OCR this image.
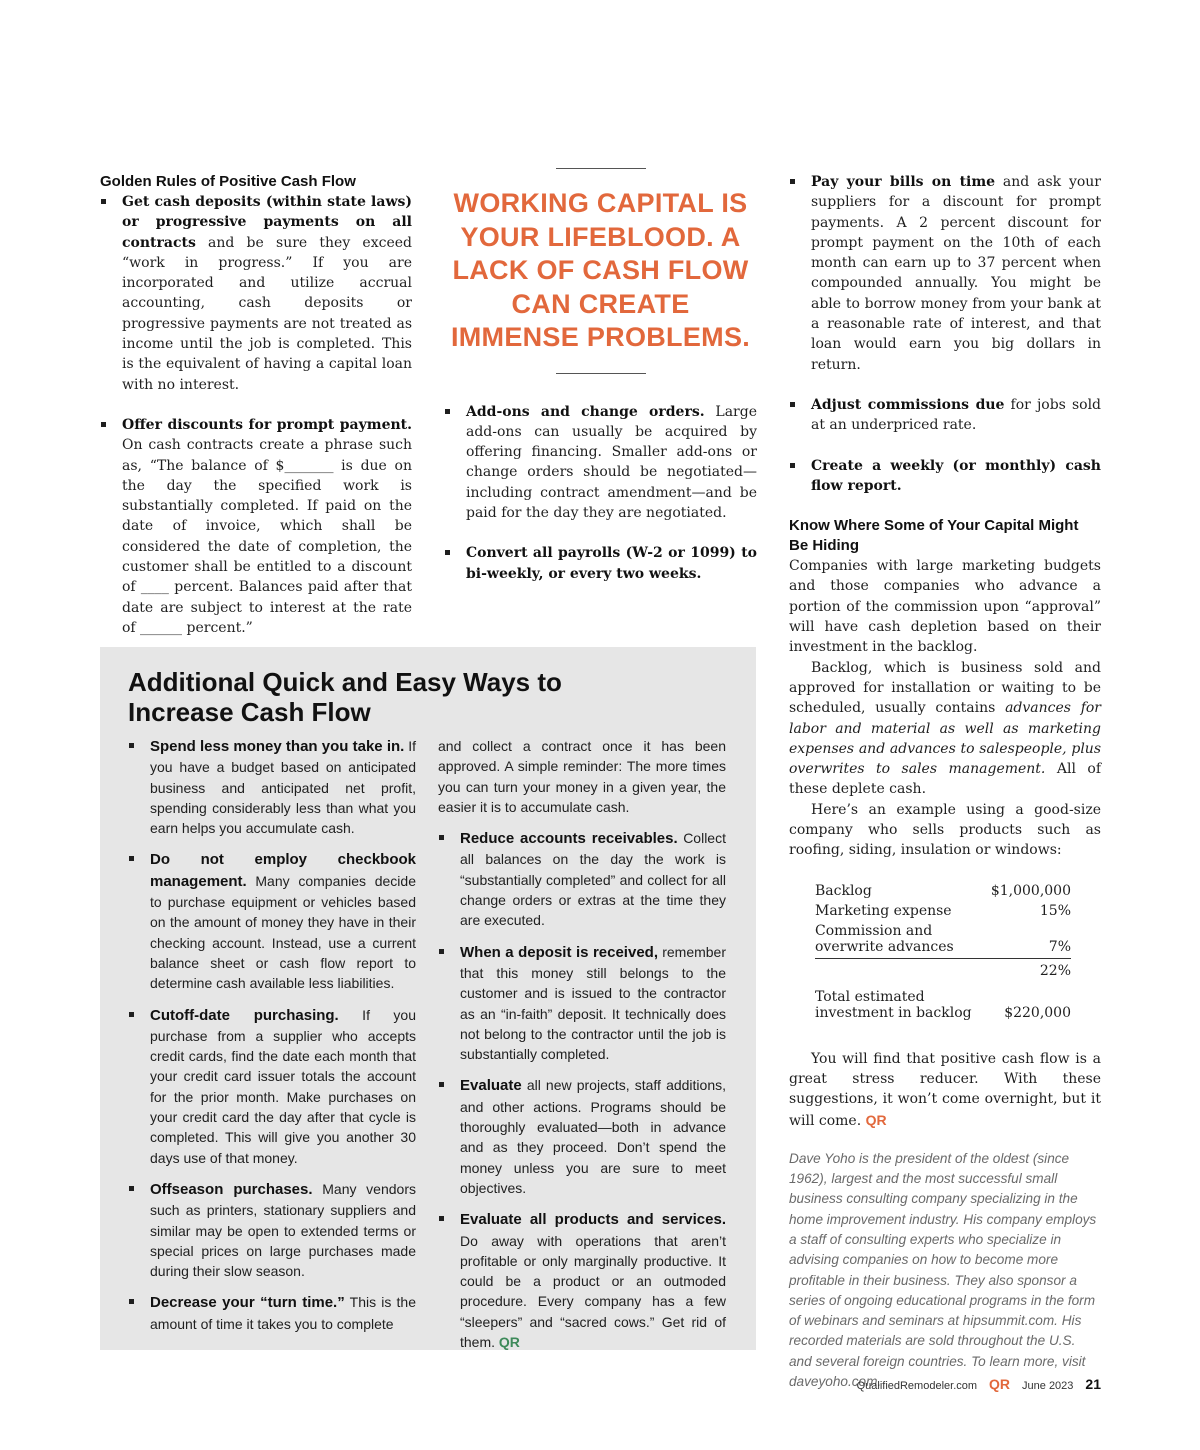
Golden Rules of Positive Cash Flow

Get cash deposits (within state laws) or progressive payments on all contracts and be sure they exceed “work in progress.” If you are incorporated and utilize accrual accounting, cash deposits or progressive payments are not treated as income until the job is completed. This is the equivalent of having a capital loan with no interest.
Offer discounts for prompt payment. On cash contracts create a phrase such as, “The balance of $_______ is due on the day the specified work is substantially completed. If paid on the date of invoice, which shall be considered the date of completion, the customer shall be entitled to a discount of ____ percent. Balances paid after that date are subject to interest at the rate of ______ percent.”
WORKING CAPITAL IS YOUR LIFEBLOOD. A LACK OF CASH FLOW CAN CREATE IMMENSE PROBLEMS.
Add-ons and change orders. Large add-ons can usually be acquired by offering financing. Smaller add-ons or change orders should be negotiated—including contract amendment—and be paid for the day they are negotiated.
Convert all payrolls (W-2 or 1099) to bi-weekly, or every two weeks.
Pay your bills on time and ask your suppliers for a discount for prompt payments. A 2 percent discount for prompt payment on the 10th of each month can earn up to 37 percent when compounded annually. You might be able to borrow money from your bank at a reasonable rate of interest, and that loan would earn you big dollars in return.
Adjust commissions due for jobs sold at an underpriced rate.
Create a weekly (or monthly) cash flow report.

Know Where Some of Your Capital Might Be Hiding

Companies with large marketing budgets and those companies who advance a portion of the commission upon “approval” will have cash depletion based on their investment in the backlog.
Backlog, which is business sold and approved for installation or waiting to be scheduled, usually contains advances for labor and material as well as marketing expenses and advances to salespeople, plus overwrites to sales management. All of these deplete cash.
Here’s an example using a good-size company who sells products such as roofing, siding, insulation or windows:
Backlog	$1,000,000
Marketing expense	15%
Commission and overwrite advances	7%
	22%
Total estimated investment in backlog	$220,000
You will find that positive cash flow is a great stress reducer. With these suggestions, it won’t come overnight, but it will come. QR
Dave Yoho is the president of the oldest (since 1962), largest and the most successful small business consulting company specializing in the home improvement industry. His company employs a staff of consulting experts who specialize in advising companies on how to become more profitable in their business. They also sponsor a series of ongoing educational programs in the form of webinars and seminars at hipsummit.com. His recorded materials are sold throughout the U.S. and several foreign countries. To learn more, visit daveyoho.com.
Additional Quick and Easy Ways to Increase Cash Flow
Spend less money than you take in. If you have a budget based on anticipated business and anticipated net profit, spending considerably less than what you earn helps you accumulate cash.
Do not employ checkbook management. Many companies decide to purchase equipment or vehicles based on the amount of money they have in their checking account. Instead, use a current balance sheet or cash flow report to determine cash available less liabilities.
Cutoff-date purchasing. If you purchase from a supplier who accepts credit cards, find the date each month that your credit card issuer totals the account for the prior month. Make purchases on your credit card the day after that cycle is completed. This will give you another 30 days use of that money.
Offseason purchases. Many vendors such as printers, stationary suppliers and similar may be open to extended terms or special prices on large purchases made during their slow season.
Decrease your “turn time.” This is the amount of time it takes you to complete
and collect a contract once it has been approved. A simple reminder: The more times you can turn your money in a given year, the easier it is to accumulate cash.
Reduce accounts receivables. Collect all balances on the day the work is “substantially completed” and collect for all change orders or extras at the time they are executed.
When a deposit is received, remember that this money still belongs to the customer and is issued to the contractor as an “in-faith” deposit. It technically does not belong to the contractor until the job is substantially completed.
Evaluate all new projects, staff additions, and other actions. Programs should be thoroughly evaluated—both in advance and as they proceed. Don’t spend the money unless you are sure to meet objectives.
Evaluate all products and services. Do away with operations that aren’t profitable or only marginally productive. It could be a product or an outmoded procedure. Every company has a few “sleepers” and “sacred cows.” Get rid of them. QR
QualifiedRemodeler.com QR June 2023 21
